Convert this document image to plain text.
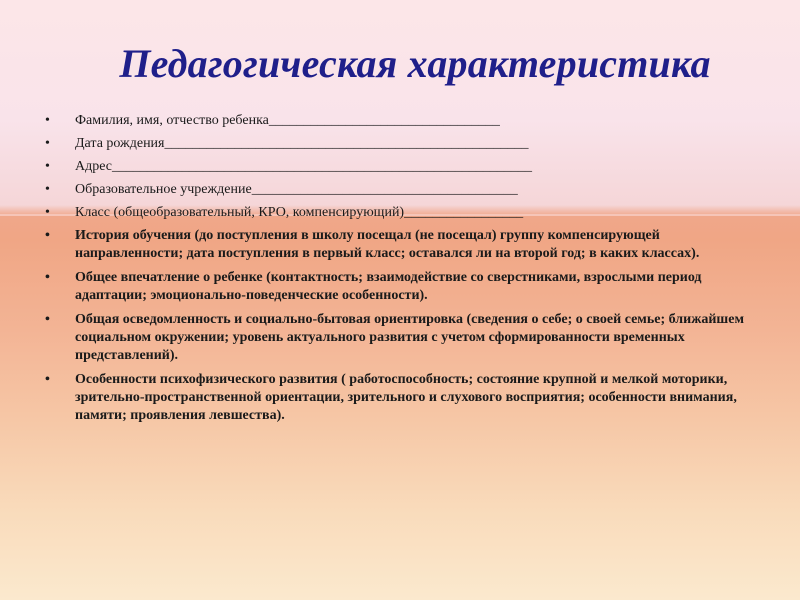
Педагогическая характеристика
• Фамилия, имя, отчество ребенка_________________________________
• Дата рождения____________________________________________________
• Адрес____________________________________________________________
• Образовательное учреждение______________________________________
• Класс (общеобразовательный, КРО, компенсирующий)_________________
• История обучения (до поступления в школу посещал (не посещал) группу компенсирующей направленности; дата поступления в первый класс; оставался ли на второй год; в каких классах).
• Общее впечатление о ребенке (контактность; взаимодействие со сверстниками, взрослыми период адаптации; эмоционально-поведенческие особенности).
• Общая осведомленность и социально-бытовая ориентировка (сведения о себе; о своей семье; ближайшем социальном окружении; уровень актуального развития с учетом сформированности временных представлений).
• Особенности психофизического развития ( работоспособность; состояние крупной и мелкой моторики, зрительно-пространственной ориентации, зрительного и слухового восприятия; особенности внимания, памяти; проявления левшества).
